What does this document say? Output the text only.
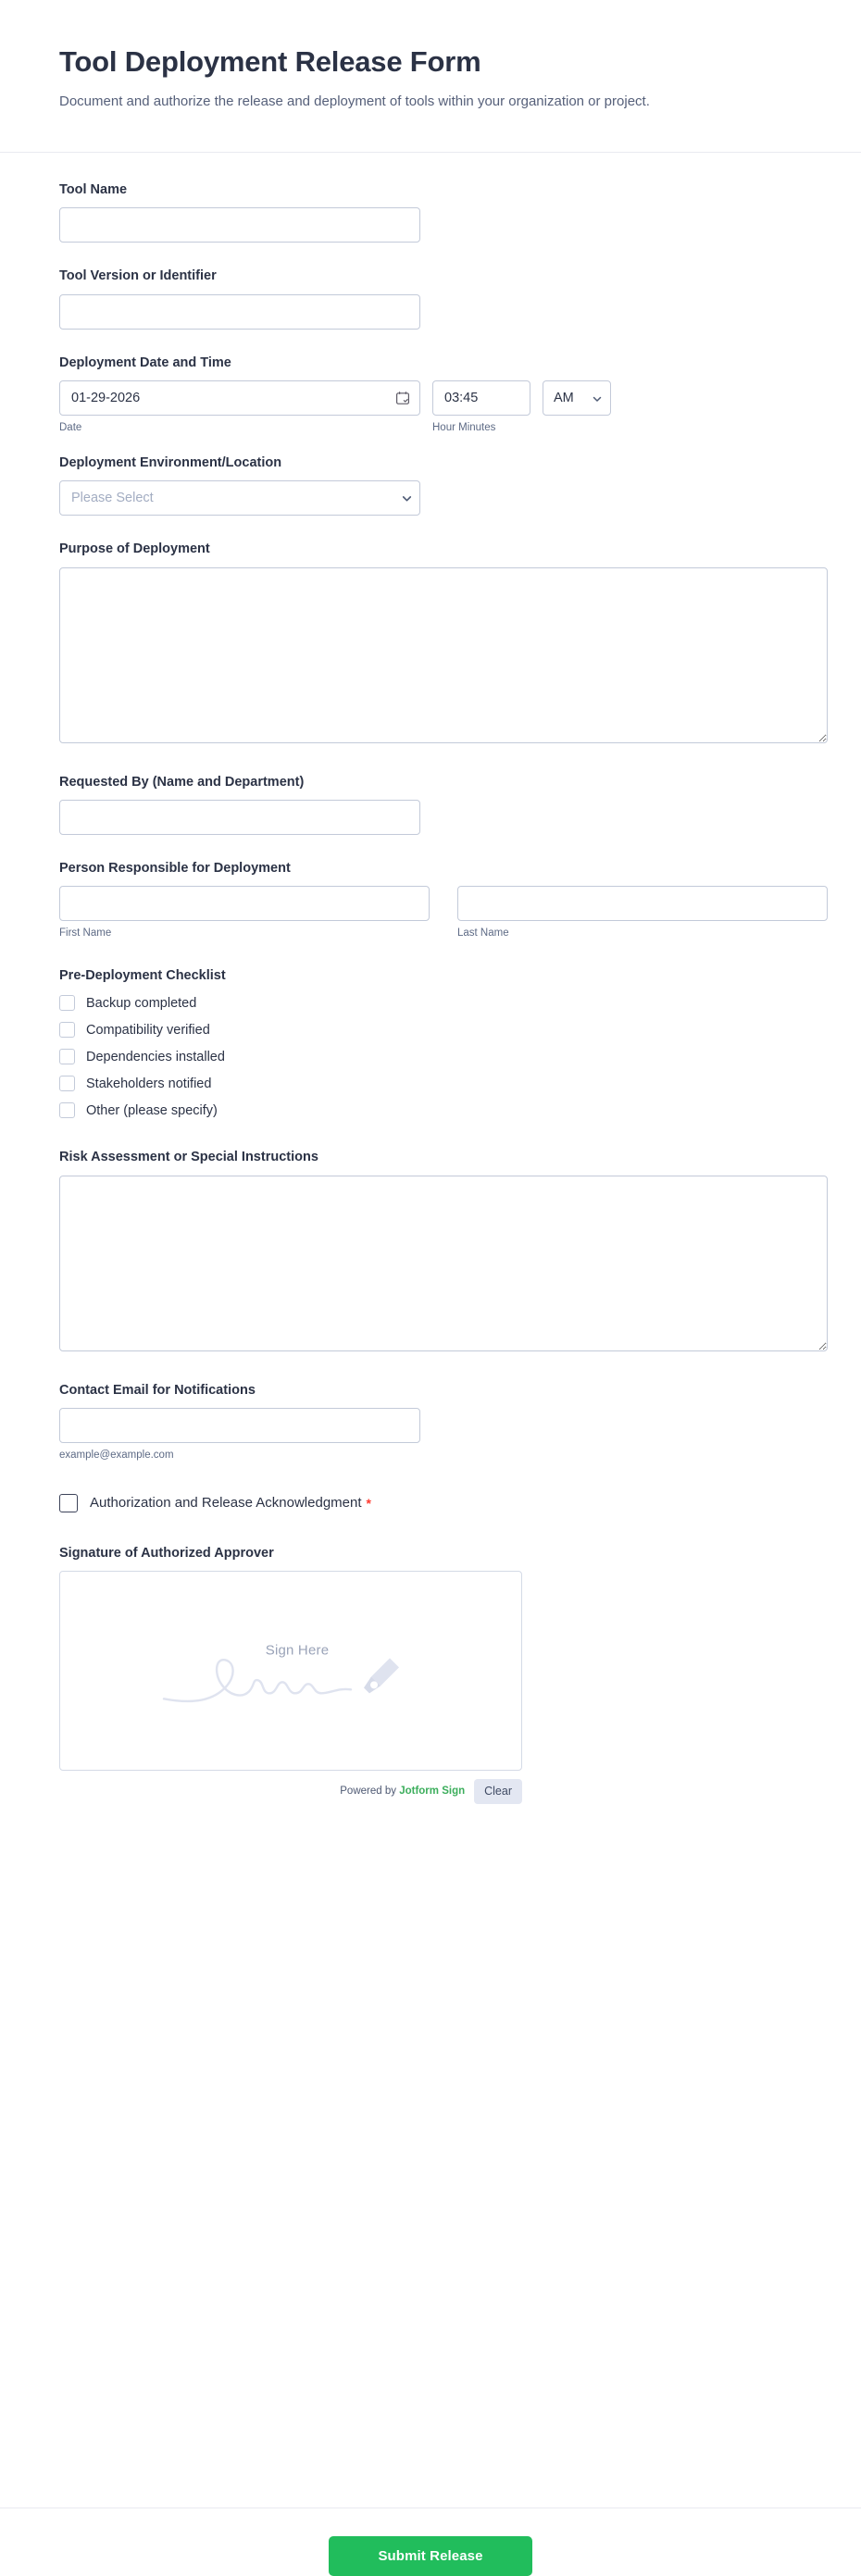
Tool Deployment Release Form

Document and authorize the release and deployment of tools within your organization or project.

Tool Name
Tool Version or Identifier
Deployment Date and Time
01-29-2026
Date
03:45	Hour Minutes
AM
Deployment Environment/Location
Please Select
Purpose of Deployment
Requested By (Name and Department)
Person Responsible for Deployment
First Name	Last Name
Pre-Deployment Checklist
Backup completed
Compatibility verified
Dependencies installed
Stakeholders notified
Other (please specify)
Risk Assessment or Special Instructions
Contact Email for Notifications
example@example.com
Authorization and Release Acknowledgment *
Signature of Authorized Approver
Sign Here
Powered by Jotform Sign	Clear
Submit Release
